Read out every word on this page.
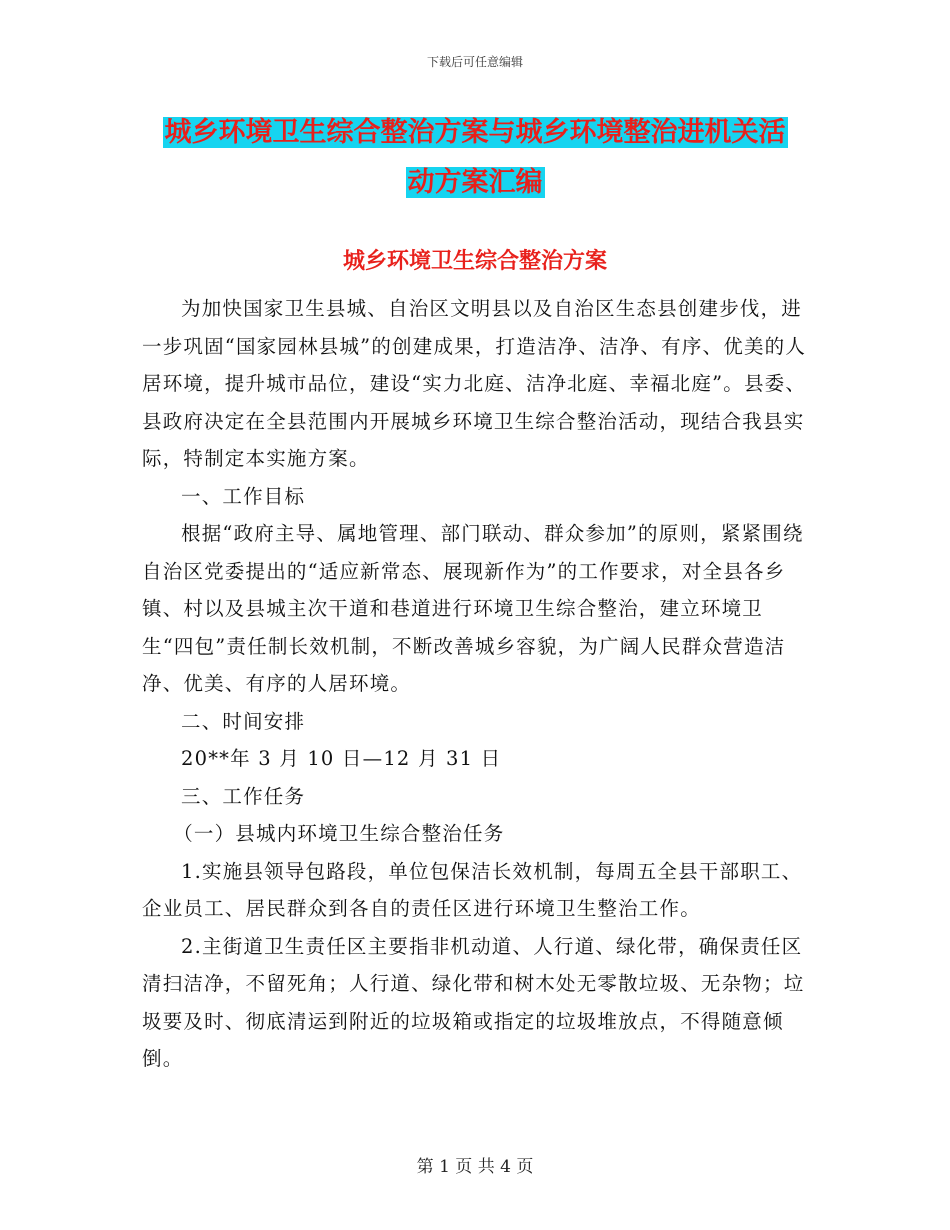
下载后可任意编辑
城乡环境卫生综合整治方案与城乡环境整治进机关活
动方案汇编
城乡环境卫生综合整治方案

为加快国家卫生县城、自治区文明县以及自治区生态县创建步伐，进一步巩固“国家园林县城”的创建成果，打造洁净、洁净、有序、优美的人居环境，提升城市品位，建设“实力北庭、洁净北庭、幸福北庭”。县委、县政府决定在全县范围内开展城乡环境卫生综合整治活动，现结合我县实际，特制定本实施方案。

一、工作目标

根据“政府主导、属地管理、部门联动、群众参加”的原则，紧紧围绕自治区党委提出的“适应新常态、展现新作为”的工作要求，对全县各乡镇、村以及县城主次干道和巷道进行环境卫生综合整治，建立环境卫生“四包”责任制长效机制，不断改善城乡容貌，为广阔人民群众营造洁净、优美、有序的人居环境。

二、时间安排

20**年 3 月 10 日—12 月 31 日

三、工作任务

（一）县城内环境卫生综合整治任务

1.实施县领导包路段，单位包保洁长效机制，每周五全县干部职工、企业员工、居民群众到各自的责任区进行环境卫生整治工作。

2.主街道卫生责任区主要指非机动道、人行道、绿化带，确保责任区清扫洁净，不留死角；人行道、绿化带和树木处无零散垃圾、无杂物；垃圾要及时、彻底清运到附近的垃圾箱或指定的垃圾堆放点，不得随意倾倒。

第 1 页 共 4 页
